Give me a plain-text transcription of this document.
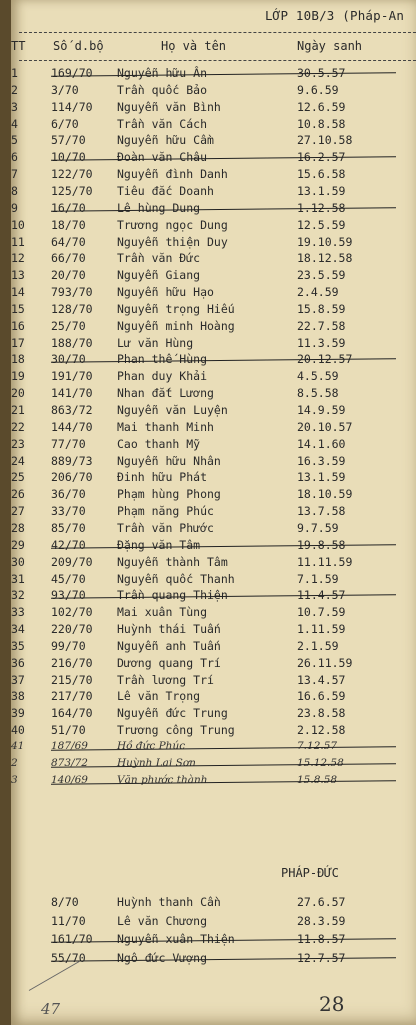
LỚP 10B/3 (Pháp-An
TT Số d.bộ	Họ và tên	Ngày sanh
1	169/70 Nguyễn hữu Ân	30.5.57
2	3/70	Trần quốc Bảo	9.6.59
3	114/70 Nguyễn văn Bình	12.6.59
4	6/70	Trần văn Cách	10.8.58
5	57/70	Nguyễn hữu Cầm	27.10.58
6	10/70	Đoàn văn Châu	16.2.57
7	122/70 Nguyễn đình Danh	15.6.58
8	125/70 Tiêu đắc Doanh	13.1.59
9	16/70	Lê hùng Dung	1.12.58
10	18/70	Trương ngọc Dung	12.5.59
11	64/70	Nguyễn thiện Duy	19.10.59
12	66/70	Trần văn Đức	18.12.58
13	20/70	Nguyễn Giang	23.5.59
14	793/70 Nguyễn hữu Hạo	2.4.59
15	128/70 Nguyễn trọng Hiếu	15.8.59
16	25/70	Nguyễn minh Hoàng	22.7.58
17	188/70 Lư văn Hùng	11.3.59
18	30/70	Phan thế Hùng	20.12.57
19	191/70 Phan duy Khải	4.5.59
20	141/70 Nhan đắt Lương	8.5.58
21	863/72 Nguyễn văn Luyện	14.9.59
22	144/70 Mai thanh Minh	20.10.57
23	77/70	Cao thanh Mỹ	14.1.60
24	889/73 Nguyễn hữu Nhân	16.3.59
25	206/70 Đinh hữu Phát	13.1.59
26	36/70	Phạm hùng Phong	18.10.59
27	33/70	Phạm năng Phúc	13.7.58
28	85/70	Trần văn Phước	9.7.59
29	42/70	Đặng văn Tâm	19.8.58
30	209/70 Nguyễn thành Tâm	11.11.59
31	45/70	Nguyễn quốc Thanh	7.1.59
32	93/70	Trần quang Thiện	11.4.57
33	102/70 Mai xuân Tùng	10.7.59
34	220/70 Huỳnh thái Tuấn	1.11.59
35	99/70	Nguyễn anh Tuấn	2.1.59
36	216/70 Dương quang Trí	26.11.59
37	215/70 Trần lương Trí	13.4.57
38	217/70 Lê văn Trọng	16.6.59
39	164/70 Nguyễn đức Trung	23.8.58
40	51/70	Trương công Trung	2.12.58
41	187/69	Hồ đức Phúc	7.12.57
2	873/72	Huỳnh Lai Sơn	15.12.58
3	140/69	Văn phước thành	15.8.58
PHÁP-ĐỨC
8/70	Huỳnh thanh Cần	27.6.57
11/70	Lê văn Chương	28.3.59
161/70 Nguyễn xuân Thiện	11.8.57
55/70	Ngô đức Vượng	12.7.57
47	28
